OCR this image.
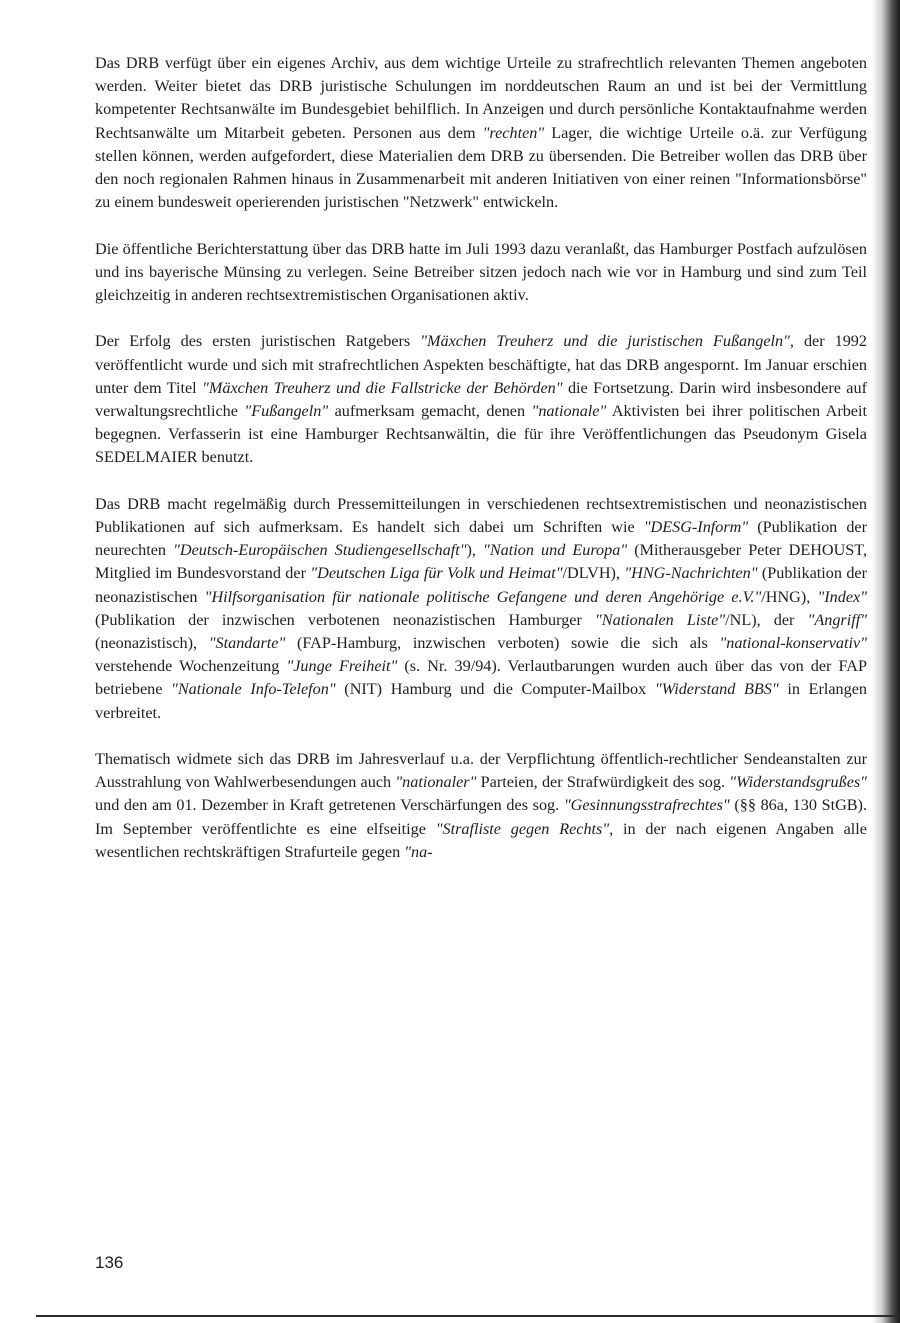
Das DRB verfügt über ein eigenes Archiv, aus dem wichtige Urteile zu strafrechtlich relevanten Themen angeboten werden. Weiter bietet das DRB juristische Schulungen im norddeutschen Raum an und ist bei der Vermittlung kompetenter Rechtsanwälte im Bundesgebiet behilflich. In Anzeigen und durch persönliche Kontaktaufnahme werden Rechtsanwälte um Mitarbeit gebeten. Personen aus dem "rechten" Lager, die wichtige Urteile o.ä. zur Verfügung stellen können, werden aufgefordert, diese Materialien dem DRB zu übersenden. Die Betreiber wollen das DRB über den noch regionalen Rahmen hinaus in Zusammenarbeit mit anderen Initiativen von einer reinen "Informationsbörse" zu einem bundesweit operierenden juristischen "Netzwerk" entwickeln.

Die öffentliche Berichterstattung über das DRB hatte im Juli 1993 dazu veranlaßt, das Hamburger Postfach aufzulösen und ins bayerische Münsing zu verlegen. Seine Betreiber sitzen jedoch nach wie vor in Hamburg und sind zum Teil gleichzeitig in anderen rechtsextremistischen Organisationen aktiv.

Der Erfolg des ersten juristischen Ratgebers "Mäxchen Treuherz und die juristischen Fußangeln", der 1992 veröffentlicht wurde und sich mit strafrechtlichen Aspekten beschäftigte, hat das DRB angespornt. Im Januar erschien unter dem Titel "Mäxchen Treuherz und die Fallstricke der Behörden" die Fortsetzung. Darin wird insbesondere auf verwaltungsrechtliche "Fußangeln" aufmerksam gemacht, denen "nationale" Aktivisten bei ihrer politischen Arbeit begegnen. Verfasserin ist eine Hamburger Rechtsanwältin, die für ihre Veröffentlichungen das Pseudonym Gisela SEDELMAIER benutzt.

Das DRB macht regelmäßig durch Pressemitteilungen in verschiedenen rechtsextremistischen und neonazistischen Publikationen auf sich aufmerksam. Es handelt sich dabei um Schriften wie "DESG-Inform" (Publikation der neurechten "Deutsch-Europäischen Studiengesellschaft"), "Nation und Europa" (Mitherausgeber Peter DEHOUST, Mitglied im Bundesvorstand der "Deutschen Liga für Volk und Heimat"/DLVH), "HNG-Nachrichten" (Publikation der neonazistischen "Hilfsorganisation für nationale politische Gefangene und deren Angehörige e.V."/HNG), "Index" (Publikation der inzwischen verbotenen neonazistischen Hamburger "Nationalen Liste"/NL), der "Angriff" (neonazistisch), "Standarte" (FAP-Hamburg, inzwischen verboten) sowie die sich als "national-konservativ" verstehende Wochenzeitung "Junge Freiheit" (s. Nr. 39/94). Verlautbarungen wurden auch über das von der FAP betriebene "Nationale Info-Telefon" (NIT) Hamburg und die Computer-Mailbox "Widerstand BBS" in Erlangen verbreitet.

Thematisch widmete sich das DRB im Jahresverlauf u.a. der Verpflichtung öffentlich-rechtlicher Sendeanstalten zur Ausstrahlung von Wahlwerbesendungen auch "nationaler" Parteien, der Strafwürdigkeit des sog. "Widerstandsgrußes" und den am 01. Dezember in Kraft getretenen Verschärfungen des sog. "Gesinnungsstrafrechtes" (§§ 86a, 130 StGB). Im September veröffentlichte es eine elfseitige "Strafliste gegen Rechts", in der nach eigenen Angaben alle wesentlichen rechtskräftigen Strafurteile gegen "na-

136
